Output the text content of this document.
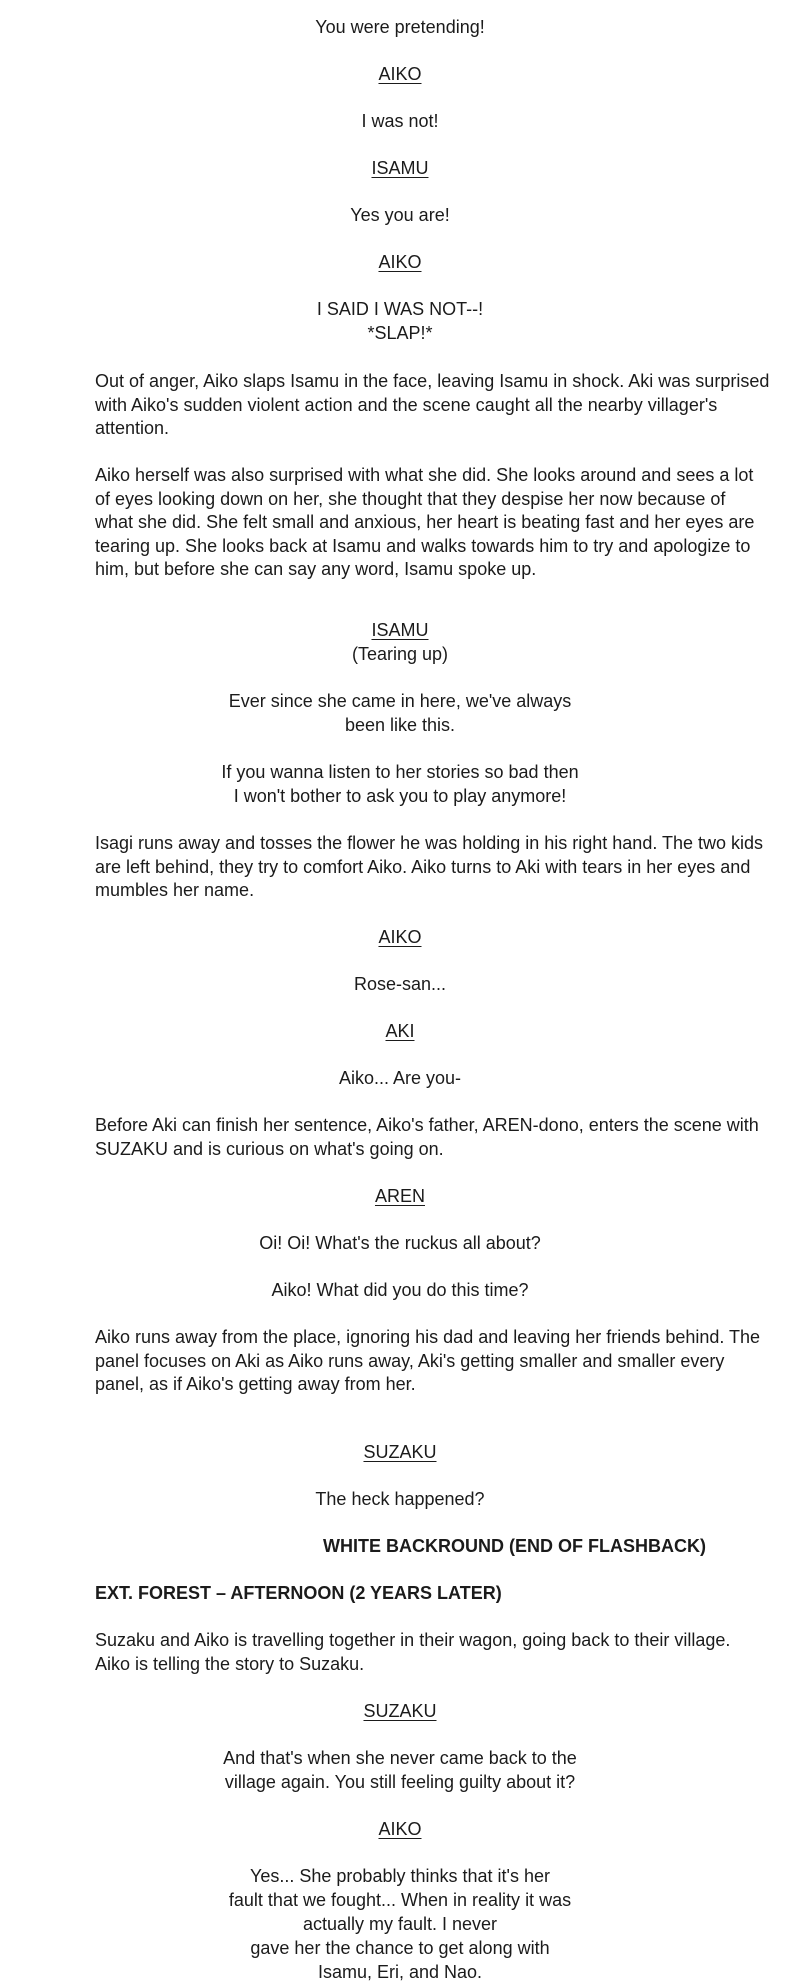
You were pretending!

AIKO

I was not!

ISAMU

Yes you are!

AIKO

I SAID I WAS NOT--!

*SLAP!*

Out of anger, Aiko slaps Isamu in the face, leaving Isamu in shock. Aki was surprised
with Aiko's sudden violent action and the scene caught all the nearby villager's
attention.
Aiko herself was also surprised with what she did. She looks around and sees a lot
of eyes looking down on her, she thought that they despise her now because of
what she did. She felt small and anxious, her heart is beating fast and her eyes are
tearing up. She looks back at Isamu and walks towards him to try and apologize to
him, but before she can say any word, Isamu spoke up.

ISAMU

(Tearing up)

Ever since she came in here, we've always

been like this.

If you wanna listen to her stories so bad then

I won't bother to ask you to play anymore!

Isagi runs away and tosses the flower he was holding in his right hand. The two kids
are left behind, they try to comfort Aiko. Aiko turns to Aki with tears in her eyes and
mumbles her name.

AIKO

Rose-san...

AKI

Aiko... Are you-

Before Aki can finish her sentence, Aiko's father, AREN-dono, enters the scene with
SUZAKU and is curious on what's going on.

AREN

Oi! Oi! What's the ruckus all about?

Aiko! What did you do this time?

Aiko runs away from the place, ignoring his dad and leaving her friends behind. The
panel focuses on Aki as Aiko runs away, Aki's getting smaller and smaller every
panel, as if Aiko's getting away from her.

SUZAKU

The heck happened?

WHITE BACKROUND (END OF FLASHBACK)

EXT. FOREST – AFTERNOON (2 YEARS LATER)

Suzaku and Aiko is travelling together in their wagon, going back to their village.
Aiko is telling the story to Suzaku.

SUZAKU

And that's when she never came back to the

village again. You still feeling guilty about it?

AIKO

Yes... She probably thinks that it's her

fault that we fought... When in reality it was

actually my fault. I never

gave her the chance to get along with

Isamu, Eri, and Nao.
